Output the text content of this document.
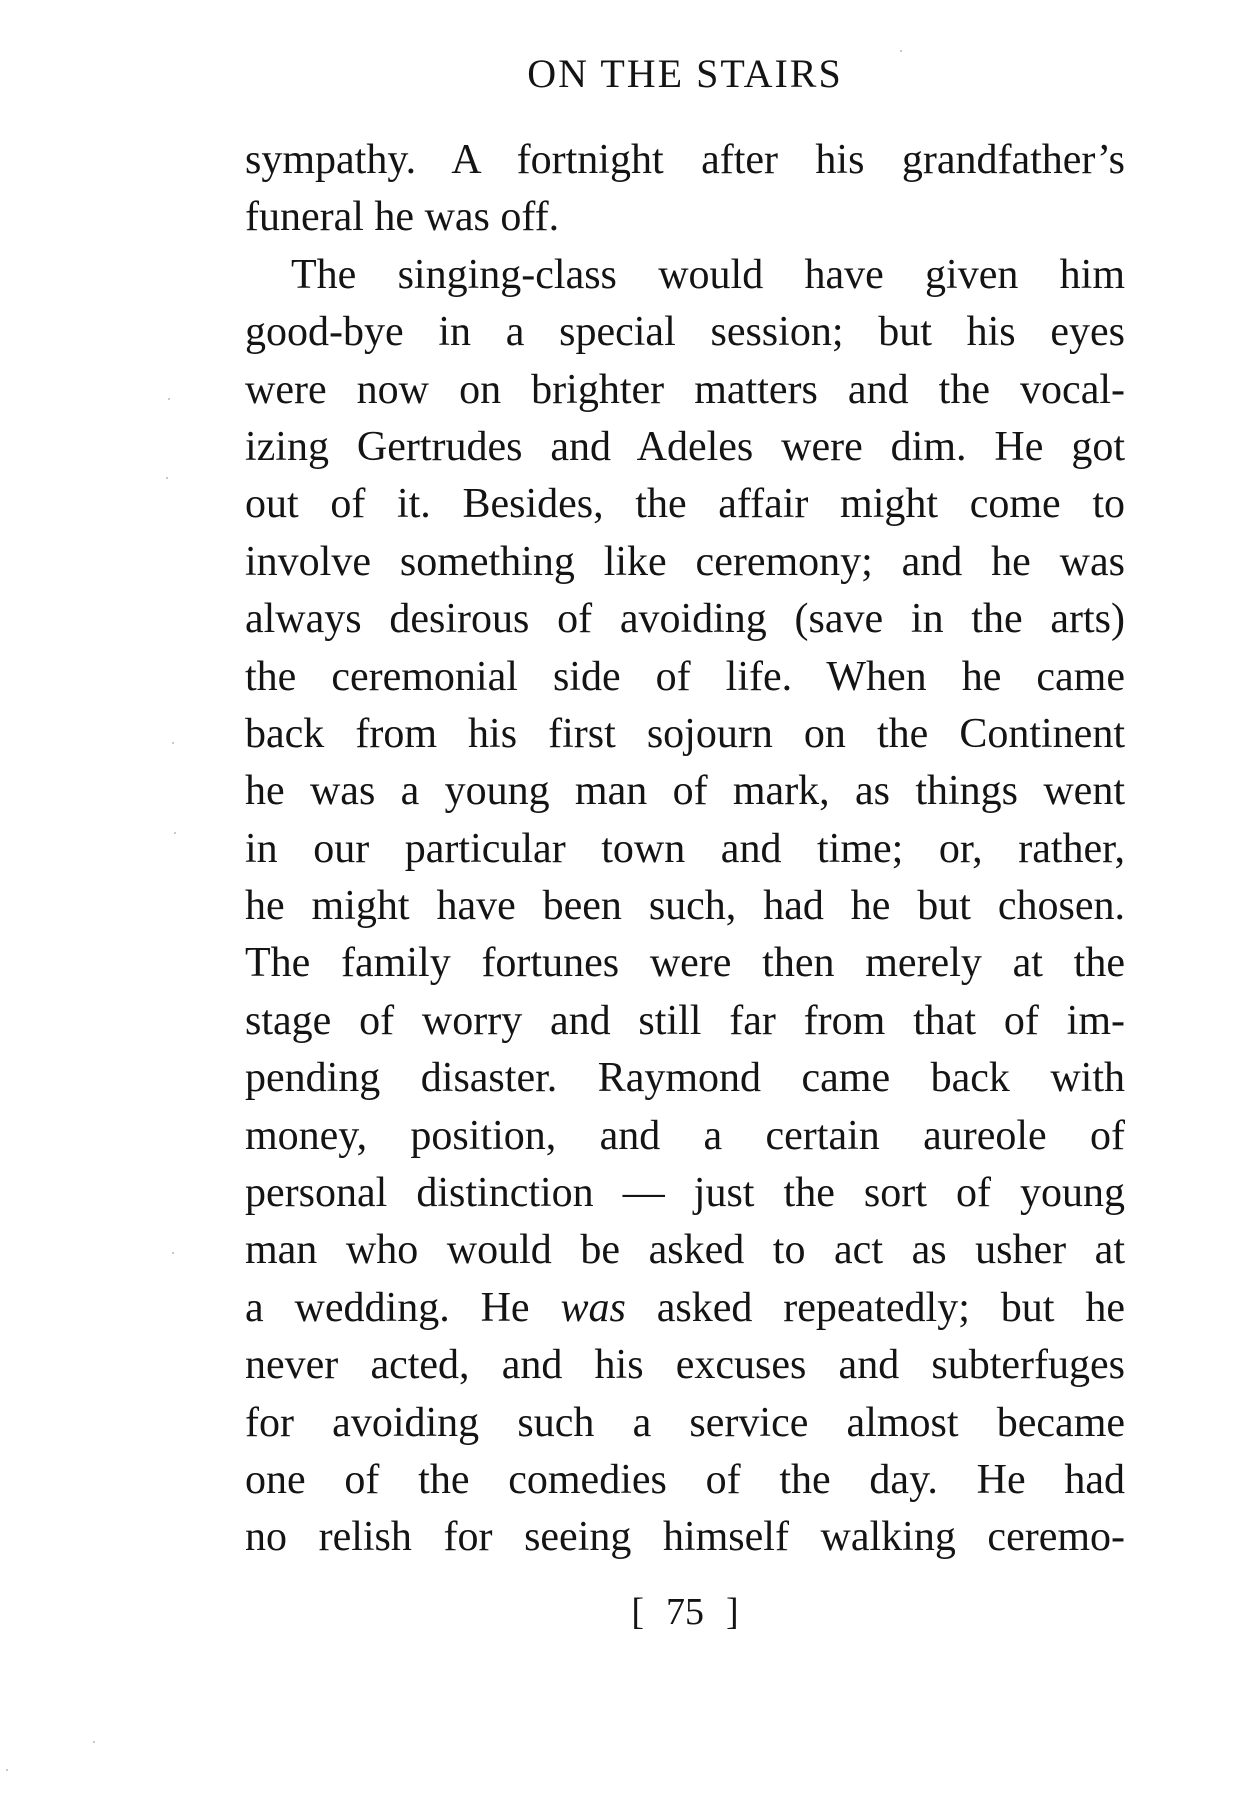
ON THE STAIRS
sympathy. A fortnight after his grandfather’s
funeral he was off.
The singing-class would have given him
good-bye in a special session; but his eyes
were now on brighter matters and the vocal-
izing Gertrudes and Adeles were dim. He got
out of it. Besides, the affair might come to
involve something like ceremony; and he was
always desirous of avoiding (save in the arts)
the ceremonial side of life. When he came
back from his first sojourn on the Continent
he was a young man of mark, as things went
in our particular town and time; or, rather,
he might have been such, had he but chosen.
The family fortunes were then merely at the
stage of worry and still far from that of im-
pending disaster. Raymond came back with
money, position, and a certain aureole of
personal distinction — just the sort of young
man who would be asked to act as usher at
a wedding. He was asked repeatedly; but he
never acted, and his excuses and subterfuges
for avoiding such a service almost became
one of the comedies of the day. He had
no relish for seeing himself walking ceremo-
[ 75 ]
